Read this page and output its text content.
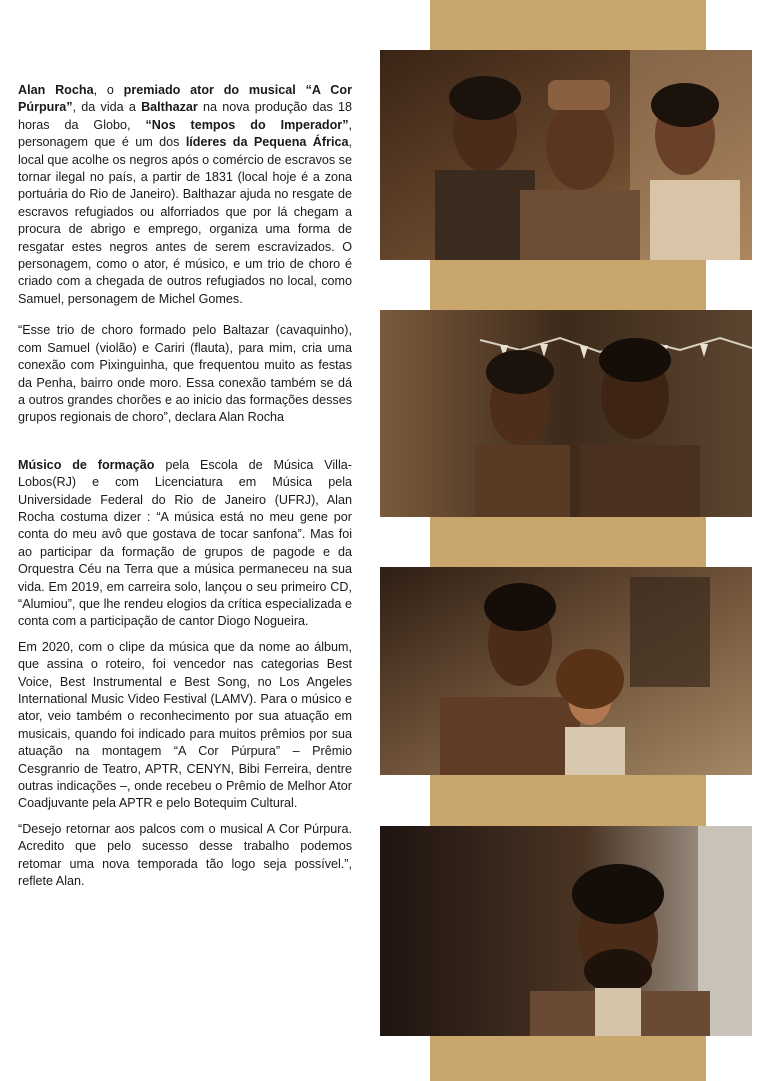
Alan Rocha, o premiado ator do musical “A Cor Púrpura”, da vida a Balthazar na nova produção das 18 horas da Globo, “Nos tempos do Imperador”, personagem que é um dos líderes da Pequena África, local que acolhe os negros após o comércio de escravos se tornar ilegal no país, a partir de 1831 (local hoje é a zona portuária do Rio de Janeiro). Balthazar ajuda no resgate de escravos refugiados ou alforriados que por lá chegam a procura de abrigo e emprego, organiza uma forma de resgatar estes negros antes de serem escravizados. O personagem, como o ator, é músico, e um trio de choro é criado com a chegada de outros refugiados no local, como Samuel, personagem de Michel Gomes.

“Esse trio de choro formado pelo Baltazar (cavaquinho), com Samuel (violão) e Cariri (flauta), para mim, cria uma conexão com Pixinguinha, que frequentou muito as festas da Penha, bairro onde moro. Essa conexão também se dá a outros grandes chorões e ao inicio das formações desses grupos regionais de choro”, declara Alan Rocha

Músico de formação pela Escola de Música Villa-Lobos(RJ) e com Licenciatura em Música pela Universidade Federal do Rio de Janeiro (UFRJ), Alan Rocha costuma dizer : “A música está no meu gene por conta do meu avô que gostava de tocar sanfona”. Mas foi ao participar da formação de grupos de pagode e da Orquestra Céu na Terra que a música permaneceu na sua vida. Em 2019, em carreira solo, lançou o seu primeiro CD, “Alumiou”, que lhe rendeu elogios da crítica especializada e conta com a participação de cantor Diogo Nogueira.

Em 2020, com o clipe da música que da nome ao álbum, que assina o roteiro, foi vencedor nas categorias Best Voice, Best Instrumental e Best Song, no Los Angeles International Music Video Festival (LAMV). Para o músico e ator, veio também o reconhecimento por sua atuação em musicais, quando foi indicado para muitos prêmios por sua atuação na montagem “A Cor Púrpura” – Prêmio Cesgranrio de Teatro, APTR, CENYN, Bibi Ferreira, dentre outras indicações –, onde recebeu o Prêmio de Melhor Ator Coadjuvante pela APTR e pelo Botequim Cultural.

“Desejo retornar aos palcos com o musical A Cor Púrpura. Acredito que pelo sucesso desse trabalho podemos retomar uma nova temporada tão logo seja possível.”, reflete Alan.
